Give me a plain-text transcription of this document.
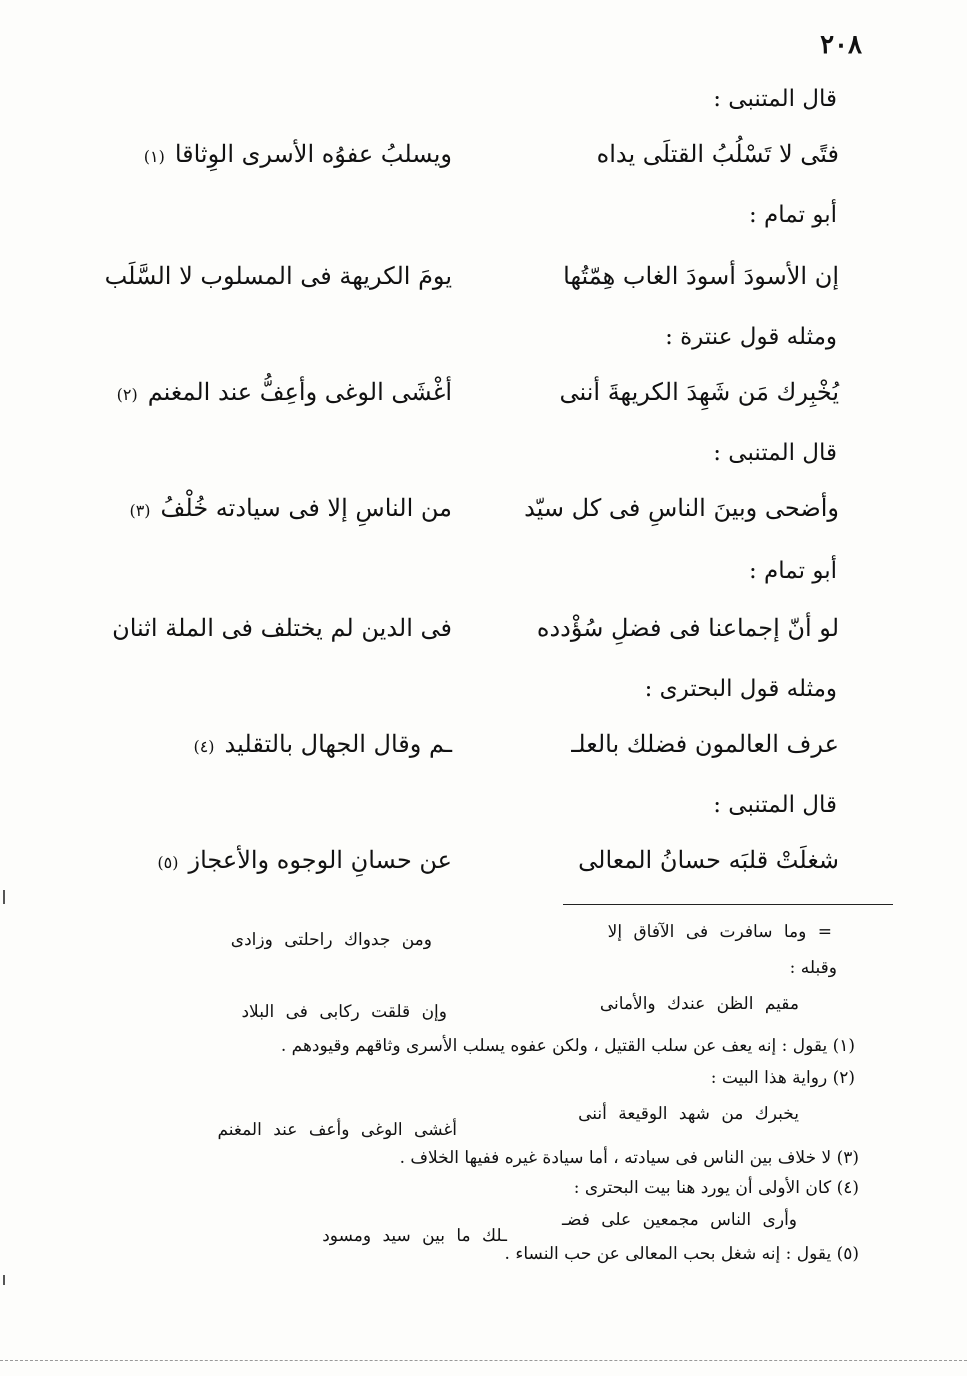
٢٠٨
قال المتنبى :
فتًى لا تَسْلُبُ القتلَى يداه
ويسلبُ عفوُه الأسرى الوِثاقا(١)
أبو تمام :
إن الأسودَ أسودَ الغاب هِمّتُها
يومَ الكريهة فى المسلوب لا السَّلَب
ومثله قول عنترة :
يُخْبِرك مَن شَهِدَ الكريهةَ أننى
أغْشَى الوغى وأعِفُّ عند المغنم(٢)
قال المتنبى :
وأضحى وبينَ الناسِ فى كل سيّد
من الناسِ إلا فى سيادته خُلْفُ(٣)
أبو تمام :
لو أنّ إجماعنا فى فضلِ سُؤْدده
فى الدين لم يختلف فى الملة اثنان
ومثله قول البحترى :
عرف العالمون فضلك بالعلـ
ـم وقال الجهال بالتقليد(٤)
قال المتنبى :
شغلَتْ قلبَه حسانُ المعالى
عن حسانِ الوجوه والأعجاز(٥)
= وما سافرت فى الآفاق إلا
ومن جدواك راحلتى وزادى
وقبله :
مقيم الظن عندك والأمانى
وإن قلقت ركابى فى البلاد
(١) يقول : إنه يعف عن سلب القتيل ، ولكن عفوه يسلب الأسرى وثاقهم وقيودهم .
(٢) رواية هذا البيت :
يخبرك من شهد الوقيعة أننى
أغشى الوغى وأعف عند المغنم
(٣) لا خلاف بين الناس فى سيادته ، أما سيادة غيره ففيها الخلاف .
(٤) كان الأولى أن يورد هنا بيت البحترى :
وأرى الناس مجمعين على فضـ
ـلك ما بين سيد ومسود
(٥) يقول : إنه شغل بحب المعالى عن حب النساء .
